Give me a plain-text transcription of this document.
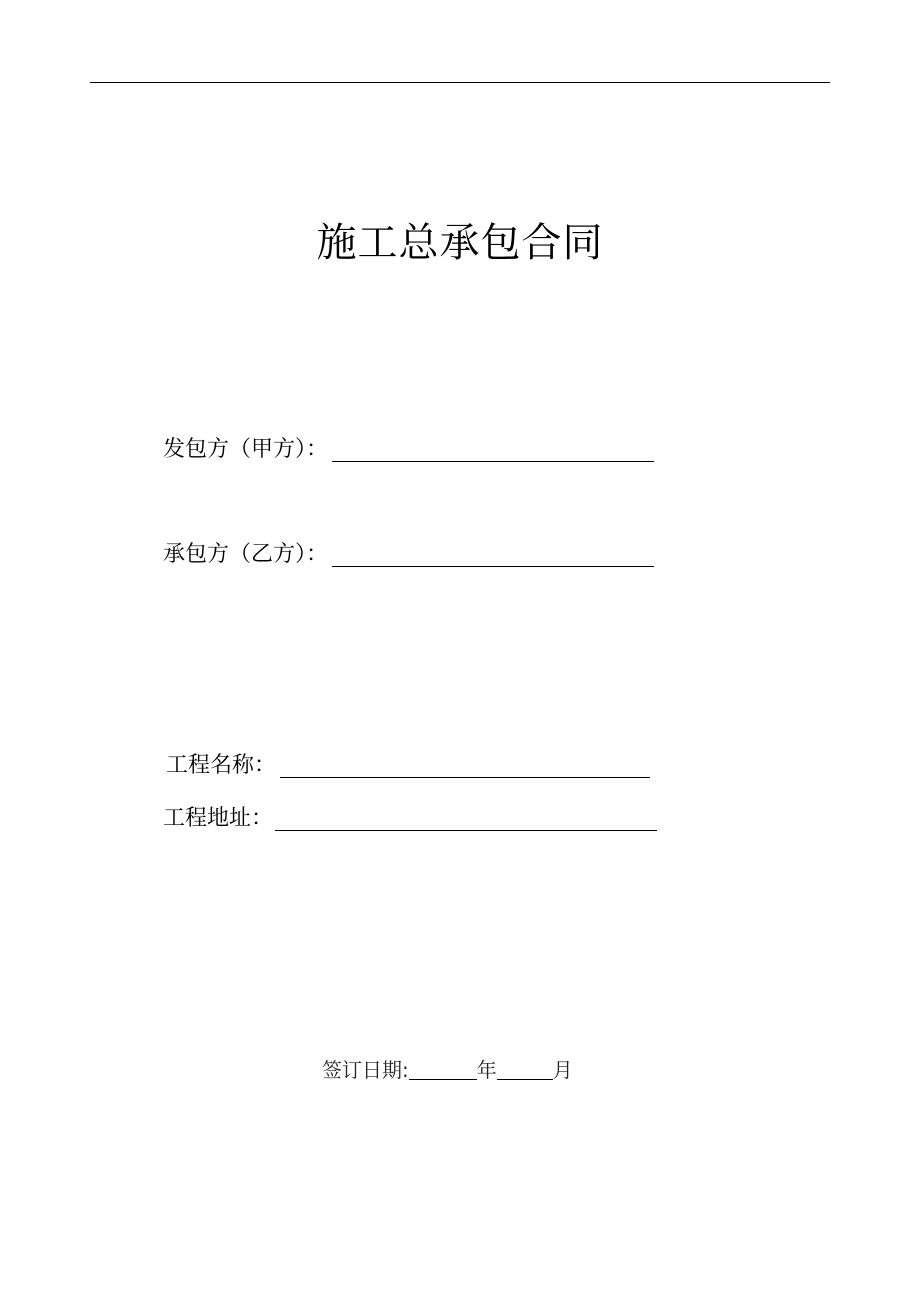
施工总承包合同
发包方（甲方）：
承包方（乙方）：
工程名称：
工程地址：
签订日期:	年	月
